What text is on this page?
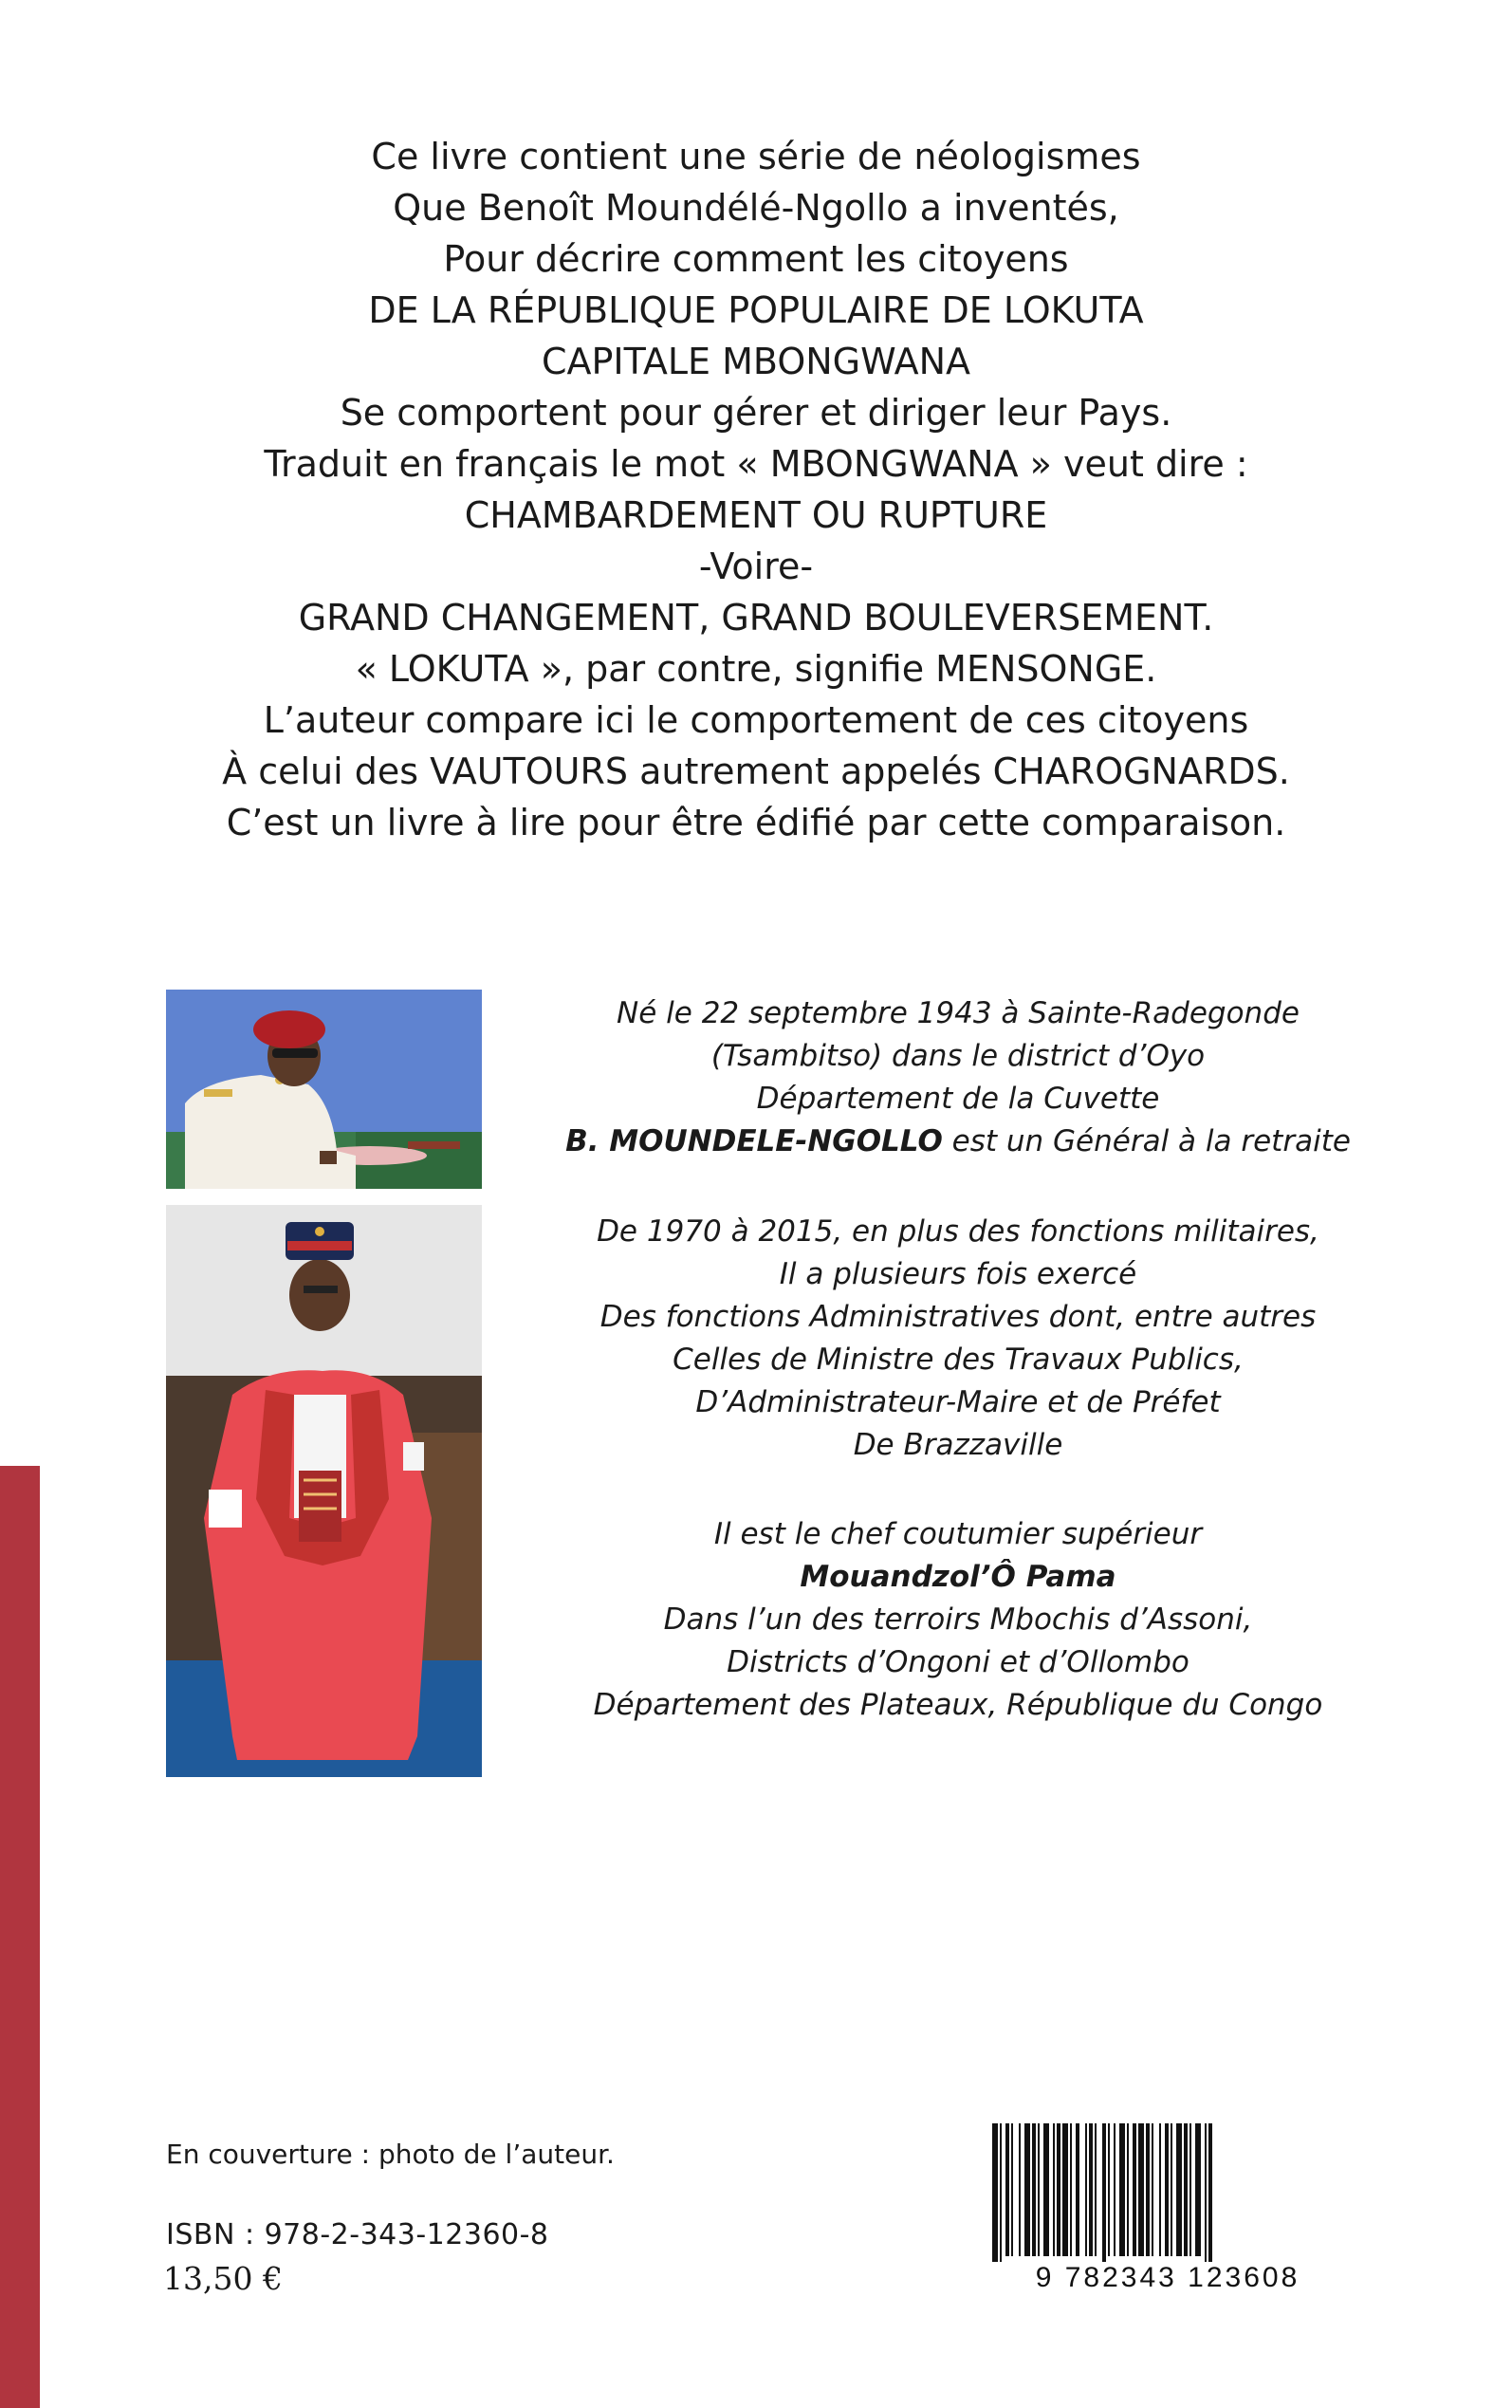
Ce livre contient une série de néologismes
Que Benoît Moundélé-Ngollo a inventés,
Pour décrire comment les citoyens
DE LA RÉPUBLIQUE POPULAIRE DE LOKUTA
CAPITALE MBONGWANA
Se comportent pour gérer et diriger leur Pays.
Traduit en français le mot « MBONGWANA » veut dire :
CHAMBARDEMENT OU RUPTURE
-Voire-
GRAND CHANGEMENT, GRAND BOULEVERSEMENT.
« LOKUTA », par contre, signifie MENSONGE.
L’auteur compare ici le comportement de ces citoyens
À celui des VAUTOURS autrement appelés CHAROGNARDS.
C’est un livre à lire pour être édifié par cette comparaison.
Né le 22 septembre 1943 à Sainte-Radegonde
(Tsambitso) dans le district d’Oyo
Département de la Cuvette
B. MOUNDELE-NGOLLO est un Général à la retraite
De 1970 à 2015, en plus des fonctions militaires,
Il a plusieurs fois exercé
Des fonctions Administratives dont, entre autres
Celles de Ministre des Travaux Publics,
D’Administrateur-Maire et de Préfet
De Brazzaville
Il est le chef coutumier supérieur
Mouandzol’Ô Pama
Dans l’un des terroirs Mbochis d’Assoni,
Districts d’Ongoni et d’Ollombo
Département des Plateaux, République du Congo
En couverture : photo de l’auteur.
ISBN : 978-2-343-12360-8
13,50 €	9 782343 123608
